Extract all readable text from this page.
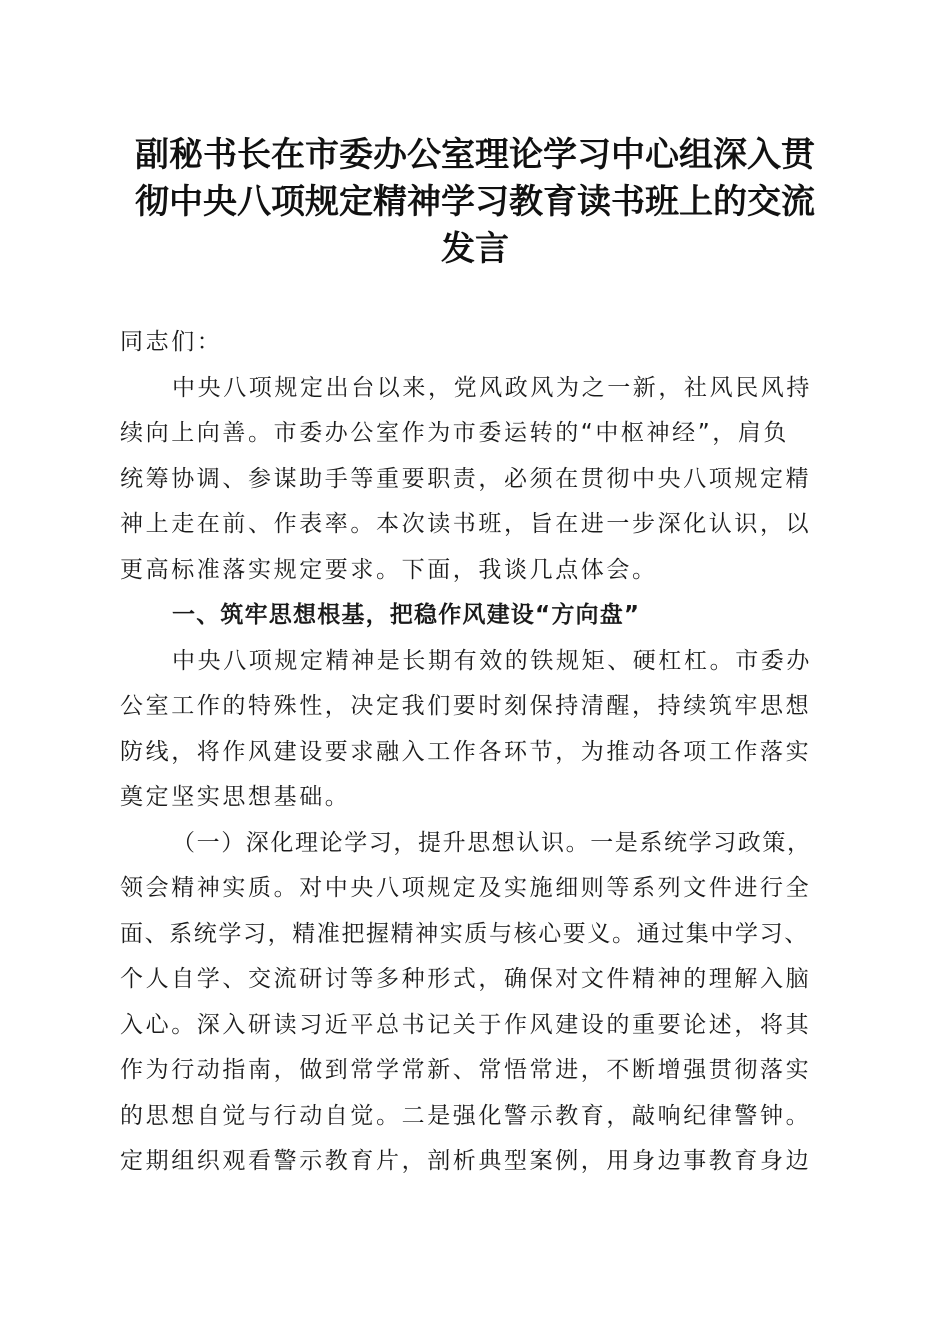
副秘书长在市委办公室理论学习中心组深入贯
彻中央八项规定精神学习教育读书班上的交流
发言
同志们：
中央八项规定出台以来，党风政风为之一新，社风民风持
续向上向善。市委办公室作为市委运转的“中枢神经”，肩负
统筹协调、参谋助手等重要职责，必须在贯彻中央八项规定精
神上走在前、作表率。本次读书班，旨在进一步深化认识，以
更高标准落实规定要求。下面，我谈几点体会。
一、筑牢思想根基，把稳作风建设“方向盘”
中央八项规定精神是长期有效的铁规矩、硬杠杠。市委办
公室工作的特殊性，决定我们要时刻保持清醒，持续筑牢思想
防线，将作风建设要求融入工作各环节，为推动各项工作落实
奠定坚实思想基础。
（一）深化理论学习，提升思想认识。一是系统学习政策，
领会精神实质。对中央八项规定及实施细则等系列文件进行全
面、系统学习，精准把握精神实质与核心要义。通过集中学习、
个人自学、交流研讨等多种形式，确保对文件精神的理解入脑
入心。深入研读习近平总书记关于作风建设的重要论述，将其
作为行动指南，做到常学常新、常悟常进，不断增强贯彻落实
的思想自觉与行动自觉。二是强化警示教育，敲响纪律警钟。
定期组织观看警示教育片，剖析典型案例，用身边事教育身边
